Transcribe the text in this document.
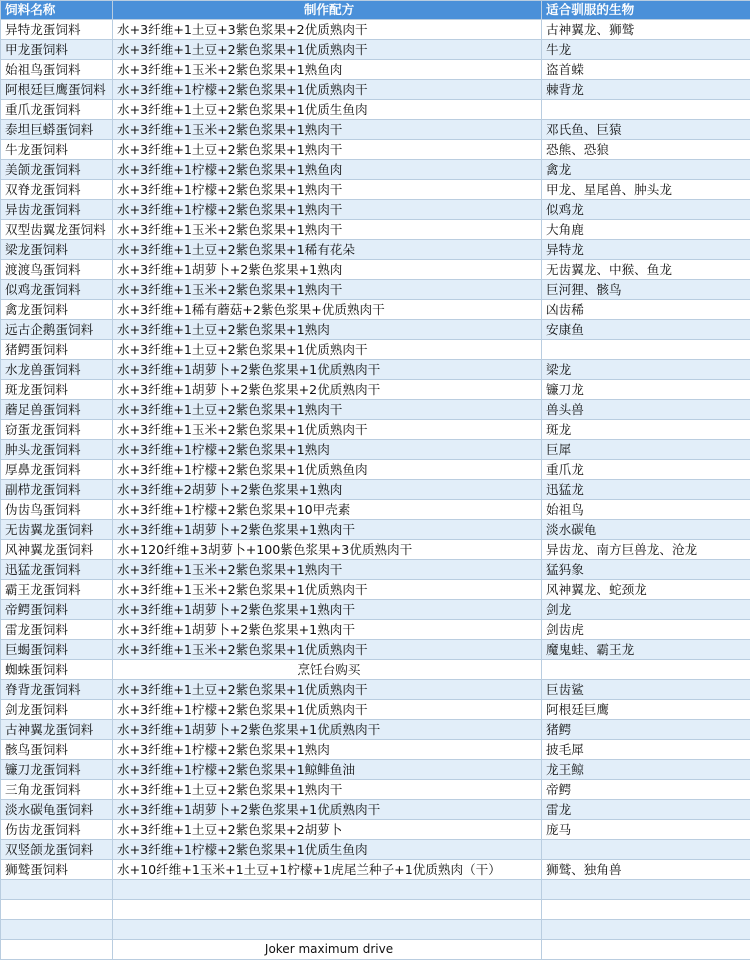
饲料名称	制作配方	适合驯服的生物
异特龙蛋饲料	水+3纤维+1土豆+3紫色浆果+2优质熟肉干	古神翼龙、狮鹫
甲龙蛋饲料	水+3纤维+1土豆+2紫色浆果+1优质熟肉干	牛龙
始祖鸟蛋饲料	水+3纤维+1玉米+2紫色浆果+1熟鱼肉	盗首蝾
阿根廷巨鹰蛋饲料	水+3纤维+1柠檬+2紫色浆果+1优质熟肉干	棘背龙
重爪龙蛋饲料	水+3纤维+1土豆+2紫色浆果+1优质生鱼肉	
泰坦巨蟒蛋饲料	水+3纤维+1玉米+2紫色浆果+1熟肉干	邓氏鱼、巨猿
牛龙蛋饲料	水+3纤维+1土豆+2紫色浆果+1熟肉干	恐熊、恐狼
美颌龙蛋饲料	水+3纤维+1柠檬+2紫色浆果+1熟鱼肉	禽龙
双脊龙蛋饲料	水+3纤维+1柠檬+2紫色浆果+1熟肉干	甲龙、星尾兽、肿头龙
异齿龙蛋饲料	水+3纤维+1柠檬+2紫色浆果+1熟肉干	似鸡龙
双型齿翼龙蛋饲料	水+3纤维+1玉米+2紫色浆果+1熟肉干	大角鹿
梁龙蛋饲料	水+3纤维+1土豆+2紫色浆果+1稀有花朵	异特龙
渡渡鸟蛋饲料	水+3纤维+1胡萝卜+2紫色浆果+1熟肉	无齿翼龙、中猴、鱼龙
似鸡龙蛋饲料	水+3纤维+1玉米+2紫色浆果+1熟肉干	巨河狸、骸鸟
禽龙蛋饲料	水+3纤维+1稀有蘑菇+2紫色浆果+优质熟肉干	凶齿稀
远古企鹅蛋饲料	水+3纤维+1土豆+2紫色浆果+1熟肉	安康鱼
猪鳄蛋饲料	水+3纤维+1土豆+2紫色浆果+1优质熟肉干	
水龙兽蛋饲料	水+3纤维+1胡萝卜+2紫色浆果+1优质熟肉干	梁龙
斑龙蛋饲料	水+3纤维+1胡萝卜+2紫色浆果+2优质熟肉干	镰刀龙
蘑足兽蛋饲料	水+3纤维+1土豆+2紫色浆果+1熟肉干	兽头兽
窃蛋龙蛋饲料	水+3纤维+1玉米+2紫色浆果+1优质熟肉干	斑龙
肿头龙蛋饲料	水+3纤维+1柠檬+2紫色浆果+1熟肉	巨犀
厚鼻龙蛋饲料	水+3纤维+1柠檬+2紫色浆果+1优质熟鱼肉	重爪龙
副栉龙蛋饲料	水+3纤维+2胡萝卜+2紫色浆果+1熟肉	迅猛龙
伪齿鸟蛋饲料	水+3纤维+1柠檬+2紫色浆果+10甲壳素	始祖鸟
无齿翼龙蛋饲料	水+3纤维+1胡萝卜+2紫色浆果+1熟肉干	淡水碳龟
风神翼龙蛋饲料	水+120纤维+3胡萝卜+100紫色浆果+3优质熟肉干	异齿龙、南方巨兽龙、沧龙
迅猛龙蛋饲料	水+3纤维+1玉米+2紫色浆果+1熟肉干	猛犸象
霸王龙蛋饲料	水+3纤维+1玉米+2紫色浆果+1优质熟肉干	风神翼龙、蛇颈龙
帝鳄蛋饲料	水+3纤维+1胡萝卜+2紫色浆果+1熟肉干	剑龙
雷龙蛋饲料	水+3纤维+1胡萝卜+2紫色浆果+1熟肉干	剑齿虎
巨蝎蛋饲料	水+3纤维+1玉米+2紫色浆果+1优质熟肉干	魔鬼蛙、霸王龙
蜘蛛蛋饲料	烹饪台购买	
脊背龙蛋饲料	水+3纤维+1土豆+2紫色浆果+1优质熟肉干	巨齿鲨
剑龙蛋饲料	水+3纤维+1柠檬+2紫色浆果+1优质熟肉干	阿根廷巨鹰
古神翼龙蛋饲料	水+3纤维+1胡萝卜+2紫色浆果+1优质熟肉干	猪鳄
骸鸟蛋饲料	水+3纤维+1柠檬+2紫色浆果+1熟肉	披毛犀
镰刀龙蛋饲料	水+3纤维+1柠檬+2紫色浆果+1鲸鲱鱼油	龙王鲸
三角龙蛋饲料	水+3纤维+1土豆+2紫色浆果+1熟肉干	帝鳄
淡水碳龟蛋饲料	水+3纤维+1胡萝卜+2紫色浆果+1优质熟肉干	雷龙
伤齿龙蛋饲料	水+3纤维+1土豆+2紫色浆果+2胡萝卜	庞马
双竖颌龙蛋饲料	水+3纤维+1柠檬+2紫色浆果+1优质生鱼肉	
狮鹫蛋饲料	水+10纤维+1玉米+1土豆+1柠檬+1虎尾兰种子+1优质熟肉（干）	狮鹫、独角兽

	Joker maximum drive	
